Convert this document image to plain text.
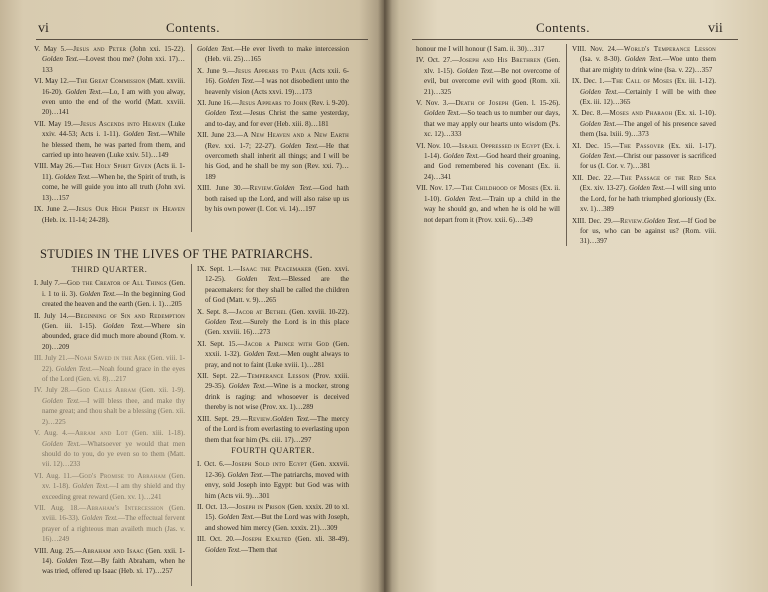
vi	Contents.

V. May 5.—Jesus and Peter (John xxi. 15-22). Golden Text.—Lovest thou me? (John xxi. 17)…133

VI. May 12.—The Great Commission (Matt. xxviii. 16-20). Golden Text.—Lo, I am with you alway, even unto the end of the world (Matt. xxviii. 20)…141

VII. May 19.—Jesus Ascends into Heaven (Luke xxiv. 44-53; Acts i. 1-11). Golden Text.—While he blessed them, he was parted from them, and carried up into heaven (Luke xxiv. 51)…149

VIII. May 26.—The Holy Spirit Given (Acts ii. 1-11). Golden Text.—When he, the Spirit of truth, is come, he will guide you into all truth (John xvi. 13)…157

IX. June 2.—Jesus Our High Priest in Heaven (Heb. ix. 11-14; 24-28).

Golden Text.—He ever liveth to make intercession (Heb. vii. 25)…165

X. June 9.—Jesus Appears to Paul (Acts xxii. 6-16). Golden Text.—I was not disobedient unto the heavenly vision (Acts xxvi. 19)…173

XI. June 16.—Jesus Appears to John (Rev. i. 9-20). Golden Text.—Jesus Christ the same yesterday, and to-day, and for ever (Heb. xiii. 8)…181

XII. June 23.—A New Heaven and a New Earth (Rev. xxi. 1-7; 22-27). Golden Text.—He that overcometh shall inherit all things; and I will be his God, and he shall be my son (Rev. xxi. 7)…189

XIII. June 30.—Review.Golden Text.—God hath both raised up the Lord, and will also raise up us by his own power (I. Cor. vi. 14)…197

STUDIES IN THE LIVES OF THE PATRIARCHS.
THIRD QUARTER.

I. July 7.—God the Creator of All Things (Gen. i. 1 to ii. 3). Golden Text.—In the beginning God created the heaven and the earth (Gen. i. 1)…205

II. July 14.—Beginning of Sin and Redemption (Gen. iii. 1-15). Golden Text.—Where sin abounded, grace did much more abound (Rom. v. 20)…209

III. July 21.—Noah Saved in the Ark (Gen. viii. 1-22). Golden Text.—Noah found grace in the eyes of the Lord (Gen. vi. 8)…217

IV. July 28.—God Calls Abram (Gen. xii. 1-9). Golden Text.—I will bless thee, and make thy name great; and thou shalt be a blessing (Gen. xii. 2)…225

V. Aug. 4.—Abram and Lot (Gen. xiii. 1-18). Golden Text.—Whatsoever ye would that men should do to you, do ye even so to them (Matt. vii. 12)…233

VI. Aug. 11.—God's Promise to Abraham (Gen. xv. 1-18). Golden Text.—I am thy shield and thy exceeding great reward (Gen. xv. 1)…241

VII. Aug. 18.—Abraham's Intercession (Gen. xviii. 16-33). Golden Text.—The effectual fervent prayer of a righteous man availeth much (Jas. v. 16)…249

VIII. Aug. 25.—Abraham and Isaac (Gen. xxii. 1-14). Golden Text.—By faith Abraham, when he was tried, offered up Isaac (Heb. xi. 17)…257

IX. Sept. 1.—Isaac the Peacemaker (Gen. xxvi. 12-25). Golden Text.—Blessed are the peacemakers: for they shall be called the children of God (Matt. v. 9)…265

X. Sept. 8.—Jacob at Bethel (Gen. xxviii. 10-22). Golden Text.—Surely the Lord is in this place (Gen. xxviii. 16)…273

XI. Sept. 15.—Jacob a Prince with God (Gen. xxxii. 1-32). Golden Text.—Men ought always to pray, and not to faint (Luke xviii. 1)…281

XII. Sept. 22.—Temperance Lesson (Prov. xxiii. 29-35). Golden Text.—Wine is a mocker, strong drink is raging: and whosoever is deceived thereby is not wise (Prov. xx. 1)…289

XIII. Sept. 29.—Review.Golden Text.—The mercy of the Lord is from everlasting to everlasting upon them that fear him (Ps. ciii. 17)…297

FOURTH QUARTER.

I. Oct. 6.—Joseph Sold into Egypt (Gen. xxxvii. 12-36). Golden Text.—The patriarchs, moved with envy, sold Joseph into Egypt: but God was with him (Acts vii. 9)…301

II. Oct. 13.—Joseph in Prison (Gen. xxxix. 20 to xl. 15). Golden Text.—But the Lord was with Joseph, and showed him mercy (Gen. xxxix. 21)…309

III. Oct. 20.—Joseph Exalted (Gen. xli. 38-49). Golden Text.—Them that

Contents.	vii

honour me I will honour (I Sam. ii. 30)…317

IV. Oct. 27.—Joseph and His Brethren (Gen. xlv. 1-15). Golden Text.—Be not overcome of evil, but overcome evil with good (Rom. xii. 21)…325

V. Nov. 3.—Death of Joseph (Gen. l. 15-26). Golden Text.—So teach us to number our days, that we may apply our hearts unto wisdom (Ps. xc. 12)…333

VI. Nov. 10.—Israel Oppressed in Egypt (Ex. i. 1-14). Golden Text.—God heard their groaning, and God remembered his covenant (Ex. ii. 24)…341

VII. Nov. 17.—The Childhood of Moses (Ex. ii. 1-10). Golden Text.—Train up a child in the way he should go, and when he is old he will not depart from it (Prov. xxii. 6)…349

VIII. Nov. 24.—World's Temperance Lesson (Isa. v. 8-30). Golden Text.—Woe unto them that are mighty to drink wine (Isa. v. 22)…357

IX. Dec. 1.—The Call of Moses (Ex. iii. 1-12). Golden Text.—Certainly I will be with thee (Ex. iii. 12)…365

X. Dec. 8.—Moses and Pharaoh (Ex. xi. 1-10). Golden Text.—The angel of his presence saved them (Isa. lxiii. 9)…373

XI. Dec. 15.—The Passover (Ex. xii. 1-17). Golden Text.—Christ our passover is sacrificed for us (I. Cor. v. 7)…381

XII. Dec. 22.—The Passage of the Red Sea (Ex. xiv. 13-27). Golden Text.—I will sing unto the Lord, for he hath triumphed gloriously (Ex. xv. 1)…389

XIII. Dec. 29.—Review.Golden Text.—If God be for us, who can be against us? (Rom. viii. 31)…397
